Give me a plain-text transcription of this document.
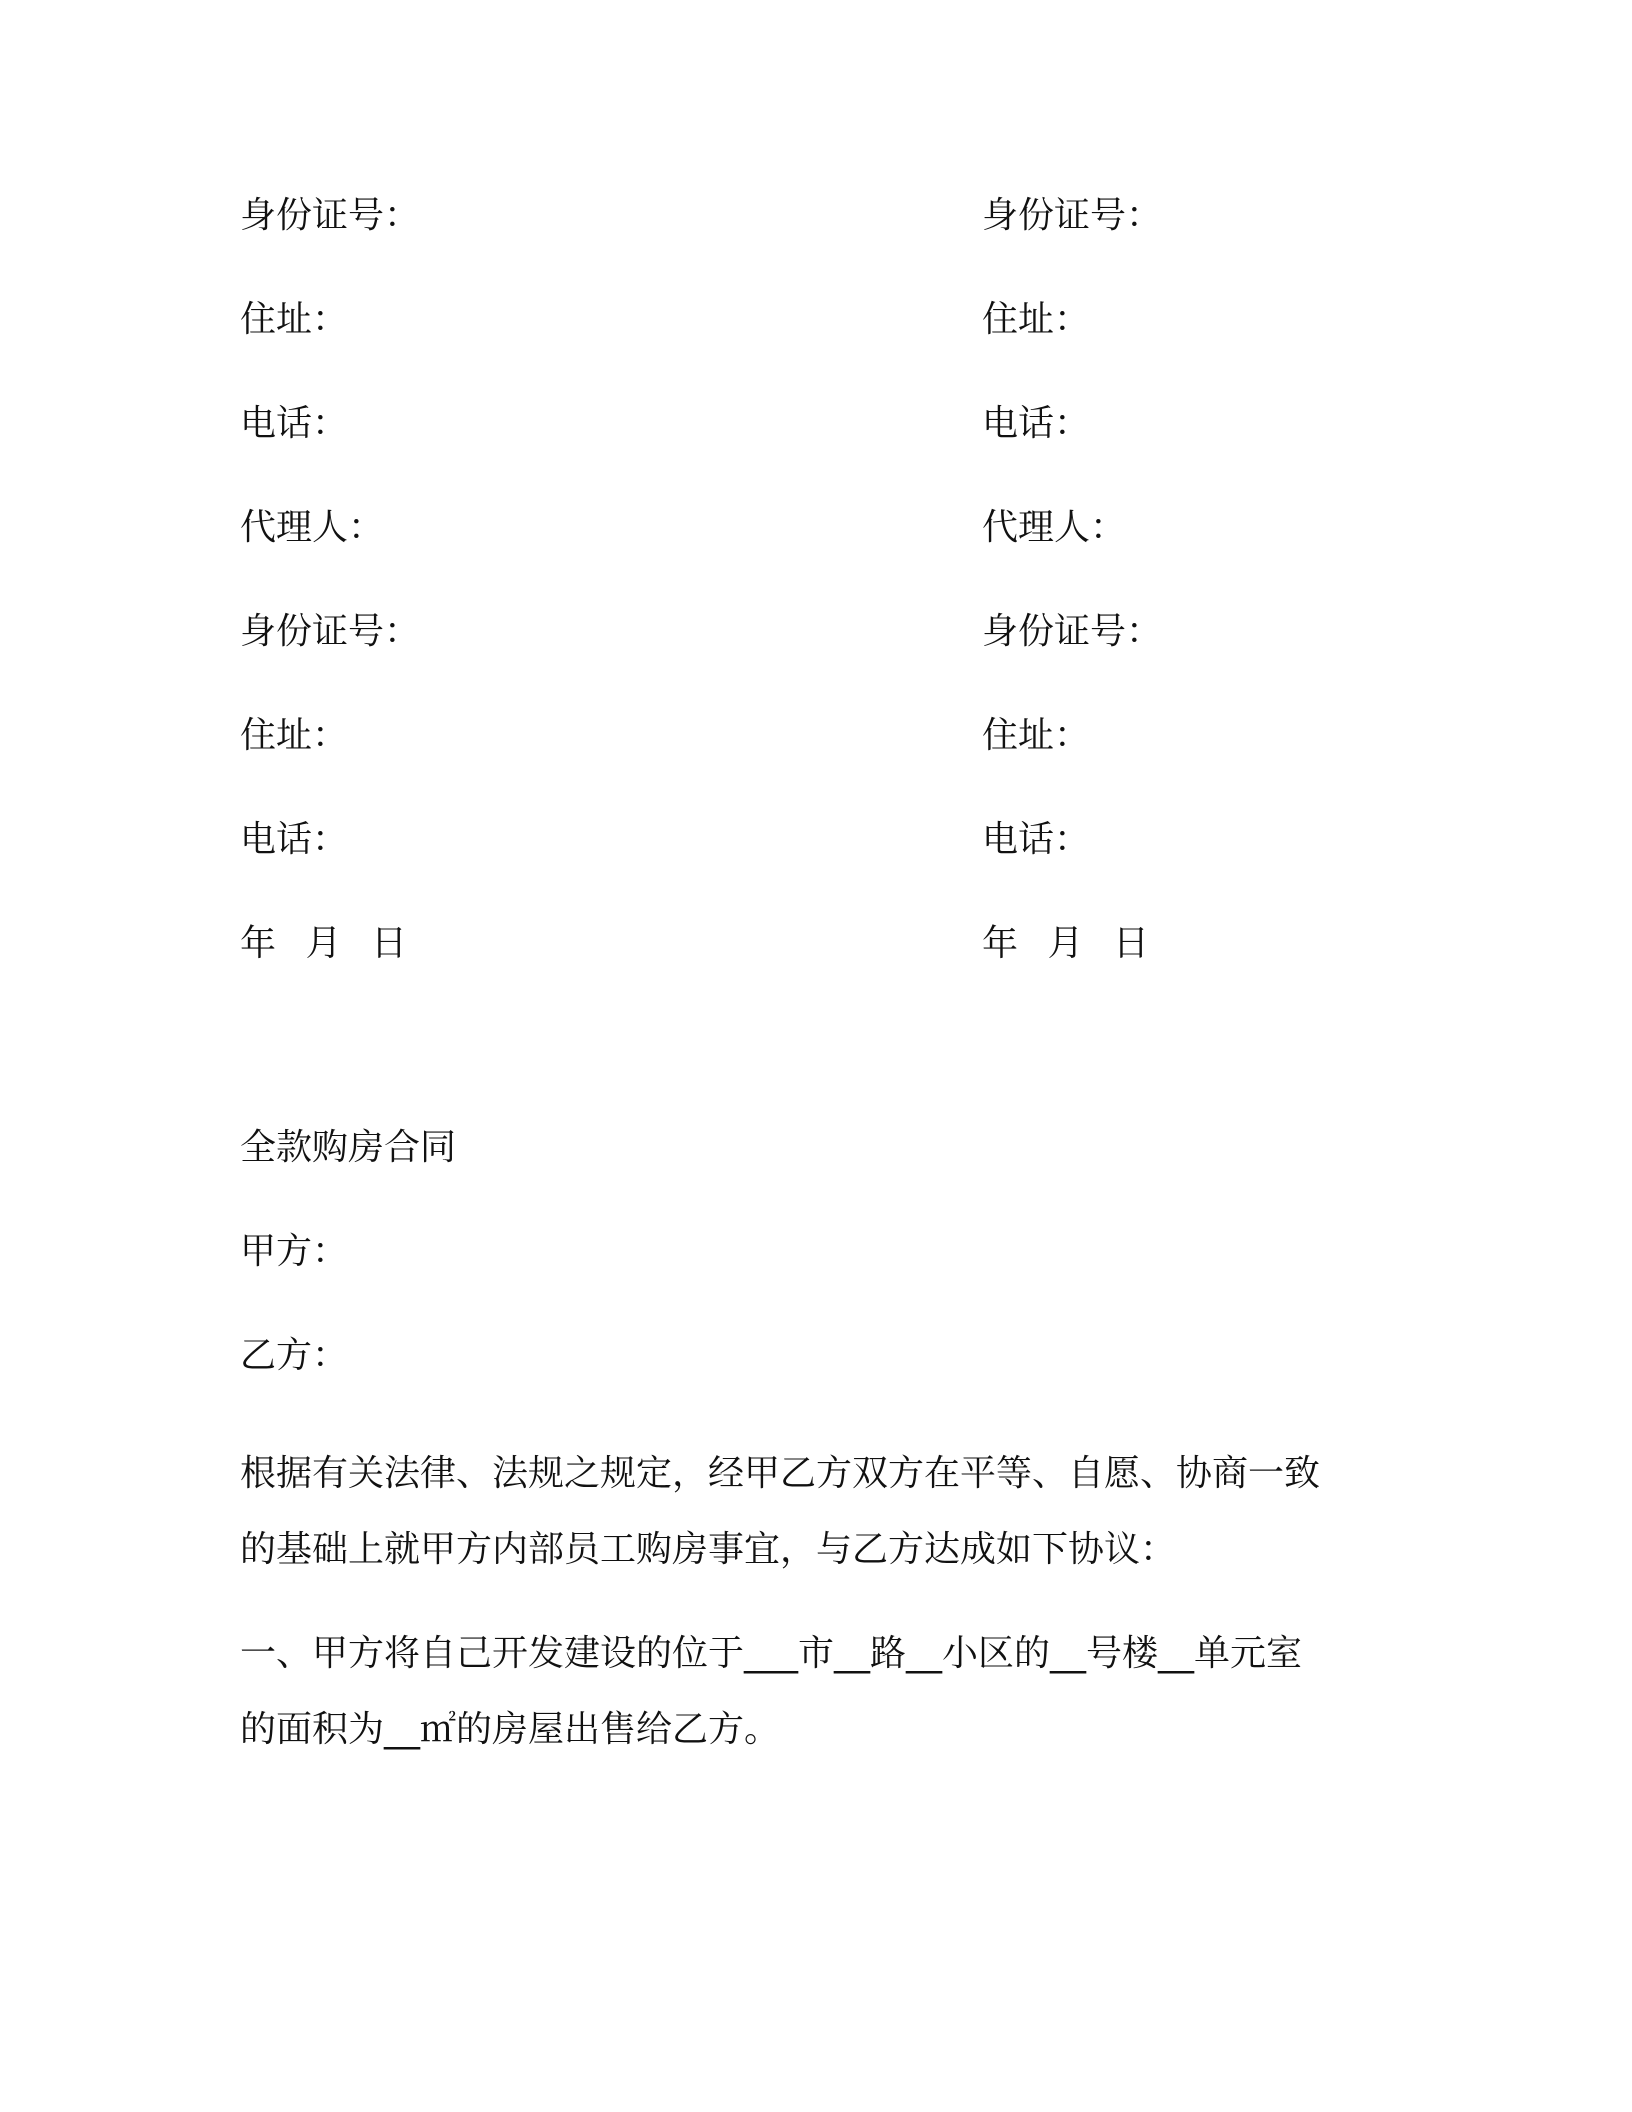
身份证号：
住址：
电话：
代理人：
身份证号：
住址：
电话：
年 月 日
身份证号：
住址：
电话：
代理人：
身份证号：
住址：
电话：
年 月 日
全款购房合同
甲方：
乙方：
根据有关法律、法规之规定，经甲乙方双方在平等、自愿、协商一致
的基础上就甲方内部员工购房事宜，与乙方达成如下协议：
一、甲方将自己开发建设的位于___市__路__小区的__号楼__单元室
的面积为__㎡的房屋出售给乙方。
